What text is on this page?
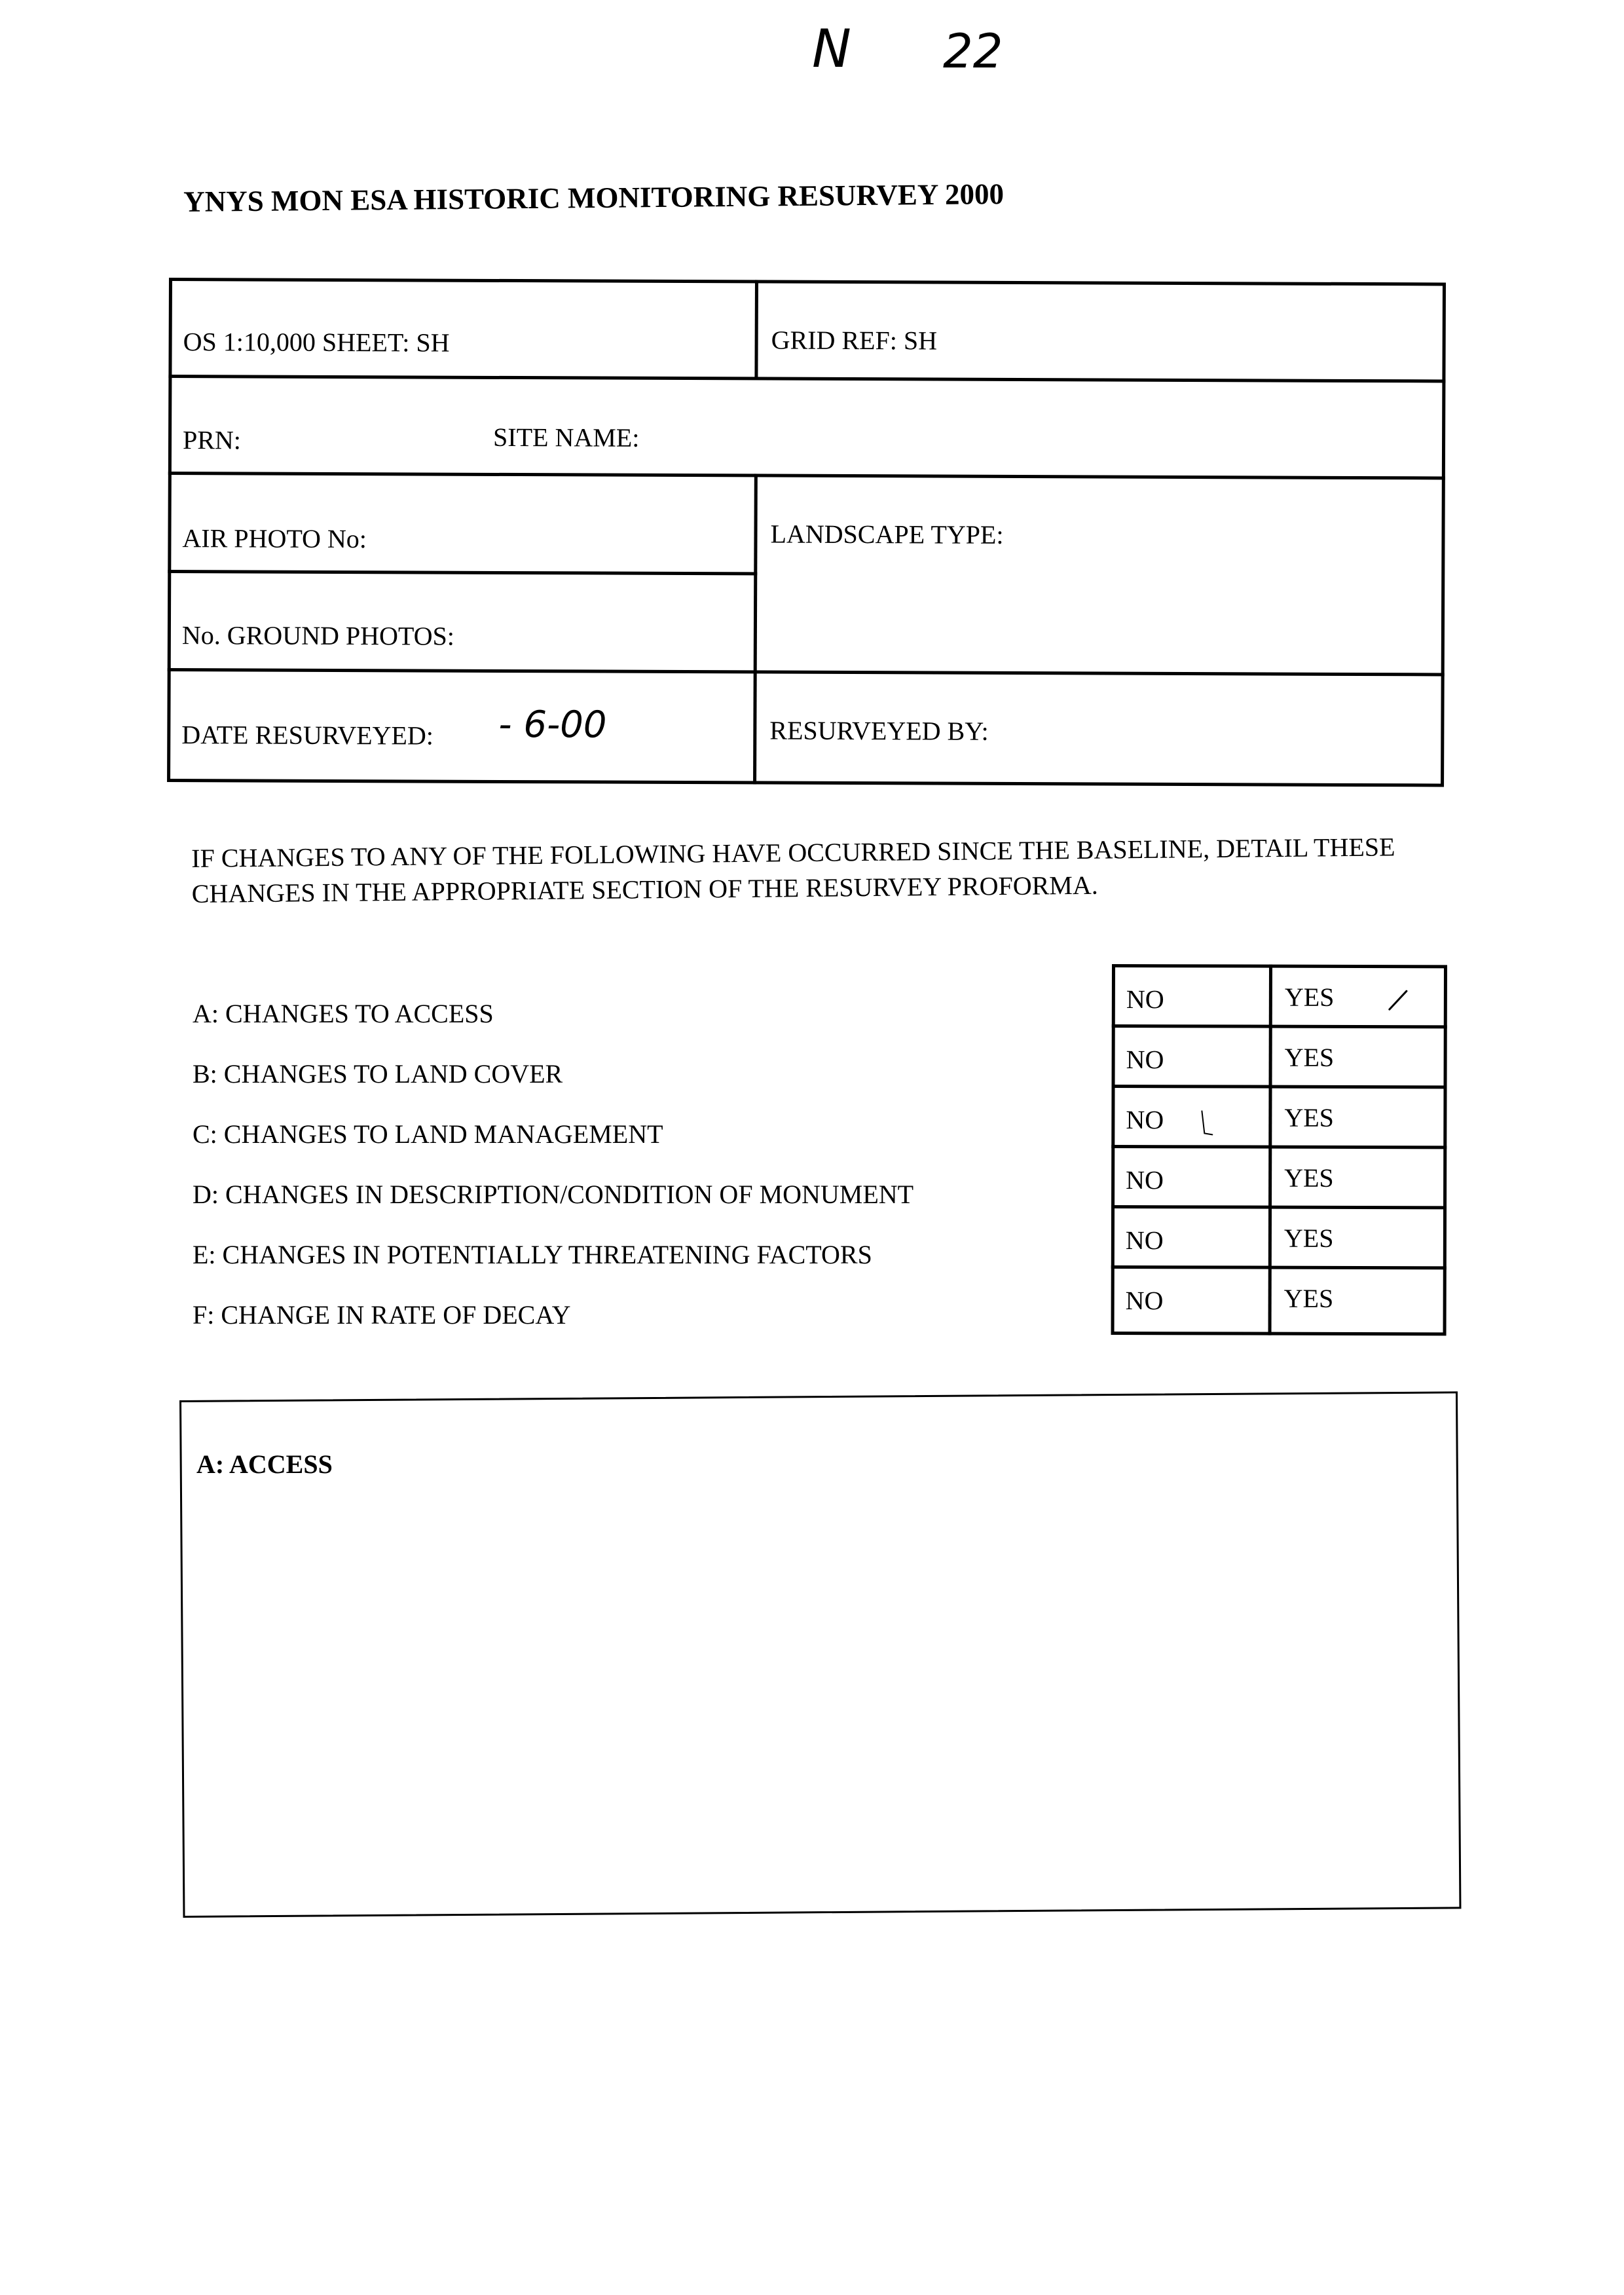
N 22
YNYS MON ESA HISTORIC MONITORING RESURVEY 2000
OS 1:10,000 SHEET: SH	GRID REF: SH
PRN:	SITE NAME:
AIR PHOTO No:	LANDSCAPE TYPE:
No. GROUND PHOTOS:
DATE RESURVEYED: - 6-00	RESURVEYED BY:
IF CHANGES TO ANY OF THE FOLLOWING HAVE OCCURRED SINCE THE BASELINE, DETAIL THESE CHANGES IN THE APPROPRIATE SECTION OF THE RESURVEY PROFORMA.
A: CHANGES TO ACCESS
B: CHANGES TO LAND COVER
C: CHANGES TO LAND MANAGEMENT
D: CHANGES IN DESCRIPTION/CONDITION OF MONUMENT
E: CHANGES IN POTENTIALLY THREATENING FACTORS
F: CHANGE IN RATE OF DECAY
NO	YES
NO	YES
NO	YES
NO	YES
NO	YES
NO	YES
A: ACCESS
